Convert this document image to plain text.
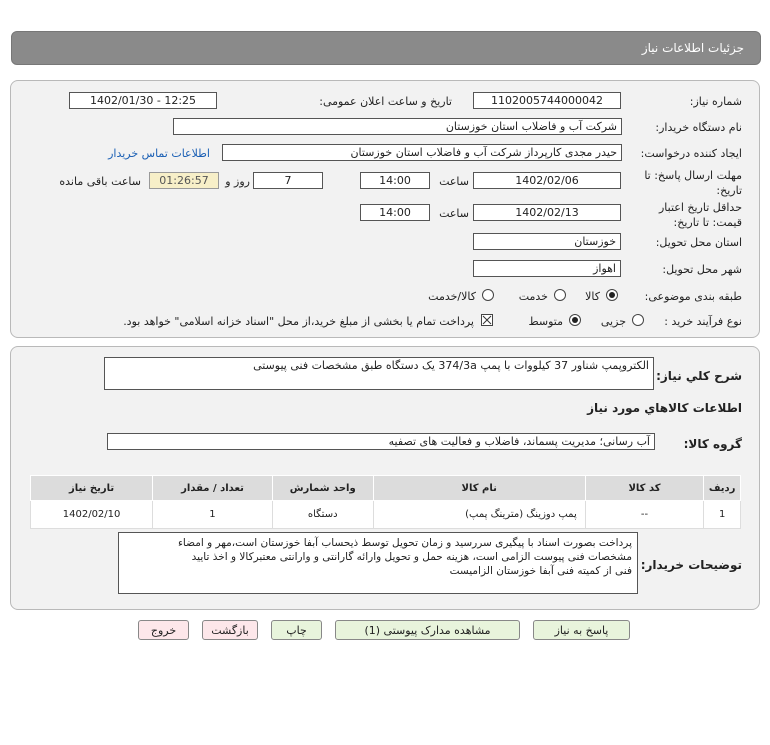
جزئیات اطلاعات نیاز
شماره نیاز:
1102005744000042
تاریخ و ساعت اعلان عمومی:
1402/01/30 - 12:25
نام دستگاه خریدار:
شرکت آب و فاضلاب استان خوزستان
ایجاد کننده درخواست:
حیدر مجدی کارپرداز شرکت آب و فاضلاب استان خوزستان
اطلاعات تماس خریدار
مهلت ارسال پاسخ: تا
تاریخ:
1402/02/06
ساعت
14:00
7
روز و
01:26:57
ساعت باقی مانده
حداقل تاریخ اعتبار
قیمت: تا تاریخ:
1402/02/13
ساعت
14:00
استان محل تحویل:
خوزستان
شهر محل تحویل:
اهواز
طبقه بندی موضوعی:
کالا
خدمت
کالا/خدمت
نوع فرآیند خرید :
جزیی
متوسط
پرداخت تمام یا بخشی از مبلغ خرید،از محل "اسناد خزانه اسلامی" خواهد بود.
شرح کلي نياز:
الکتروپمپ شناور 37 کیلووات با پمپ 374/3a یک دستگاه طبق مشخصات فنی پیوستی
اطلاعات کالاهاي مورد نياز
گروه کالا:
آب رسانی؛ مدیریت پسماند، فاضلاب و فعالیت های تصفیه
ردیف	کد کالا	نام کالا	واحد شمارش	تعداد / مقدار	تاریخ نیاز
1	--	پمپ دوزینگ (مترینگ پمپ)	دستگاه	1	1402/02/10
توضیحات خریدار:
پرداخت بصورت اسناد با پیگیری سررسید و زمان تحویل توسط ذیحساب آبفا خوزستان است،مهر و امضاء
مشخصات فنی پیوست الزامی است، هزینه حمل و تحویل وارائه گارانتی و وارانتی معتبرکالا و اخذ تایید
فنی از کمیته فنی آبفا خوزستان الزامیست
پاسخ به نیاز
مشاهده مدارک پیوستی (1)
چاپ
بازگشت
خروج
